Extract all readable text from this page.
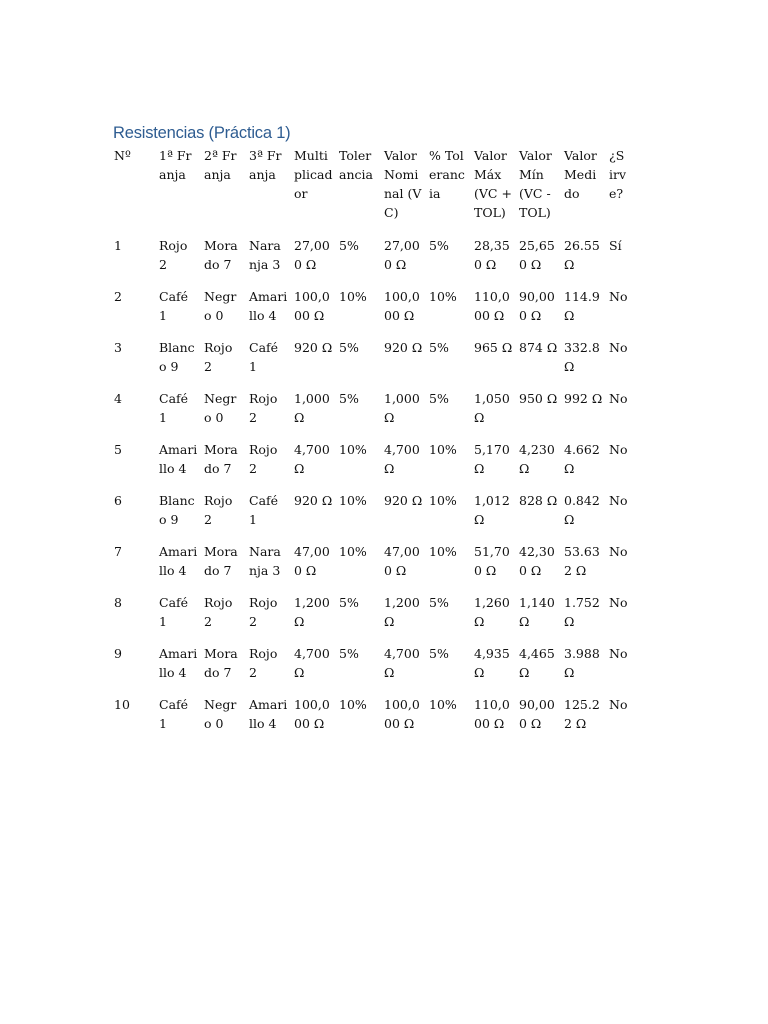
Resistencias (Práctica 1)
Nº	1ª Franja	2ª Franja	3ª Franja	Multiplicador	Tolerancia	Valor Nominal (VC)	% Tolerancia	Valor Máx (VC + TOL)	Valor Mín (VC - TOL)	Valor Medido	¿Sirve?
1	Rojo 2	Morado 7	Naranja 3	27,000 Ω	5%	27,000 Ω	5%	28,350 Ω	25,650 Ω	26.55 Ω	Sí
2	Café 1	Negro 0	Amarillo 4	100,000 Ω	10%	100,000 Ω	10%	110,000 Ω	90,000 Ω	114.9 Ω	No
3	Blanco 9	Rojo 2	Café 1	920 Ω	5%	920 Ω	5%	965 Ω	874 Ω	332.8 Ω	No
4	Café 1	Negro 0	Rojo 2	1,000 Ω	5%	1,000 Ω	5%	1,050 Ω	950 Ω	992 Ω	No
5	Amarillo 4	Morado 7	Rojo 2	4,700 Ω	10%	4,700 Ω	10%	5,170 Ω	4,230 Ω	4.662 Ω	No
6	Blanco 9	Rojo 2	Café 1	920 Ω	10%	920 Ω	10%	1,012 Ω	828 Ω	0.842 Ω	No
7	Amarillo 4	Morado 7	Naranja 3	47,000 Ω	10%	47,000 Ω	10%	51,700 Ω	42,300 Ω	53.632 Ω	No
8	Café 1	Rojo 2	Rojo 2	1,200 Ω	5%	1,200 Ω	5%	1,260 Ω	1,140 Ω	1.752 Ω	No
9	Amarillo 4	Morado 7	Rojo 2	4,700 Ω	5%	4,700 Ω	5%	4,935 Ω	4,465 Ω	3.988 Ω	No
10	Café 1	Negro 0	Amarillo 4	100,000 Ω	10%	100,000 Ω	10%	110,000 Ω	90,000 Ω	125.22 Ω	No
